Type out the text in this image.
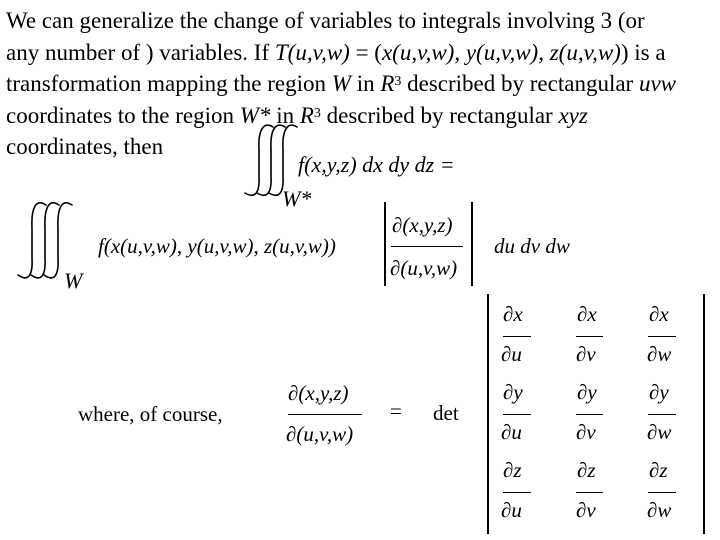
We can generalize the change of variables to integrals involving 3 (or
any number of ) variables. If T(u,v,w) = (x(u,v,w), y(u,v,w), z(u,v,w)) is a
transformation mapping the region W in $R^3$ described by rectangular uvw
coordinates to the region W* in $R^3$ described by rectangular xyz
coordinates, then
f(x,y,z) dx dy dz =
W*
f(x(u,v,w), y(u,v,w), z(u,v,w))
∂(x,y,z)
∂(u,v,w)
du dv dw
W
where, of course,
∂(x,y,z)
∂(u,v,w)
= det
∂x
∂u
∂x
∂v
∂x
∂w
∂y
∂u
∂y
∂v
∂y
∂w
∂z
∂u
∂z
∂v
∂z
∂w
